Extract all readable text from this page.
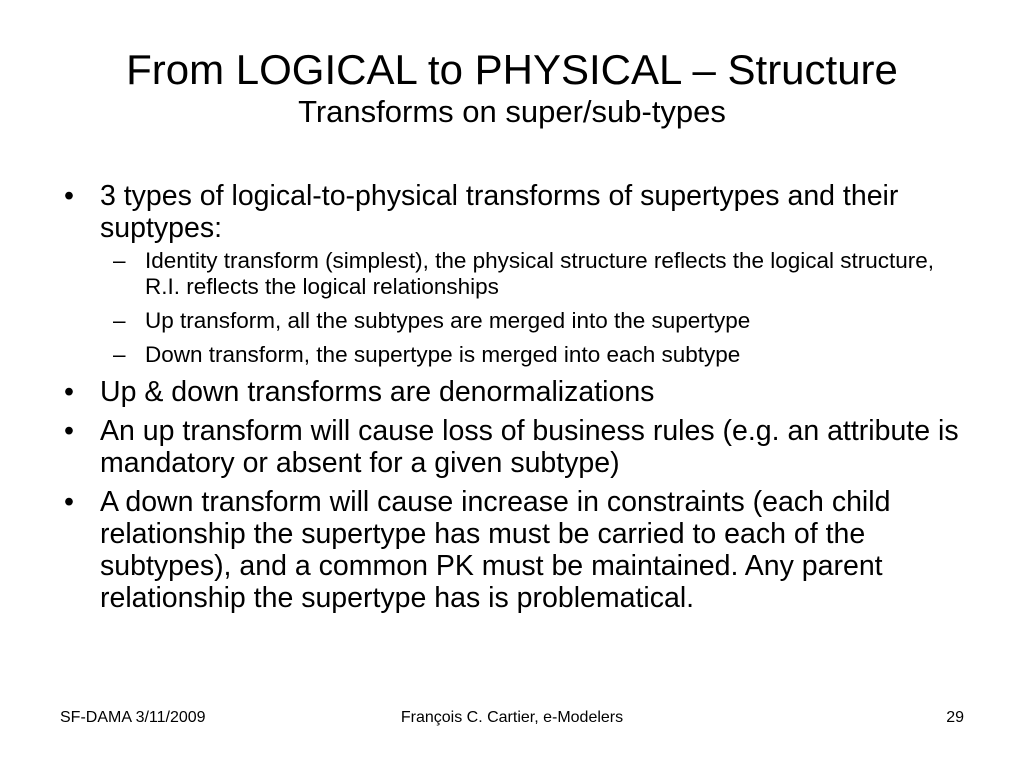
From LOGICAL to PHYSICAL – Structure
Transforms on super/sub-types
• 3 types of logical-to-physical transforms of supertypes and their suptypes:
– Identity transform (simplest), the physical structure reflects the logical structure, R.I. reflects the logical relationships
– Up transform, all the subtypes are merged into the supertype
– Down transform, the supertype is merged into each subtype
• Up & down transforms are denormalizations
• An up transform will cause loss of business rules (e.g. an attribute is mandatory or absent for a given subtype)
• A down transform will cause increase in constraints (each child relationship the supertype has must be carried to each of the subtypes), and a common PK must be maintained. Any parent relationship the supertype has is problematical.
SF-DAMA 3/11/2009	François C. Cartier, e-Modelers	29
